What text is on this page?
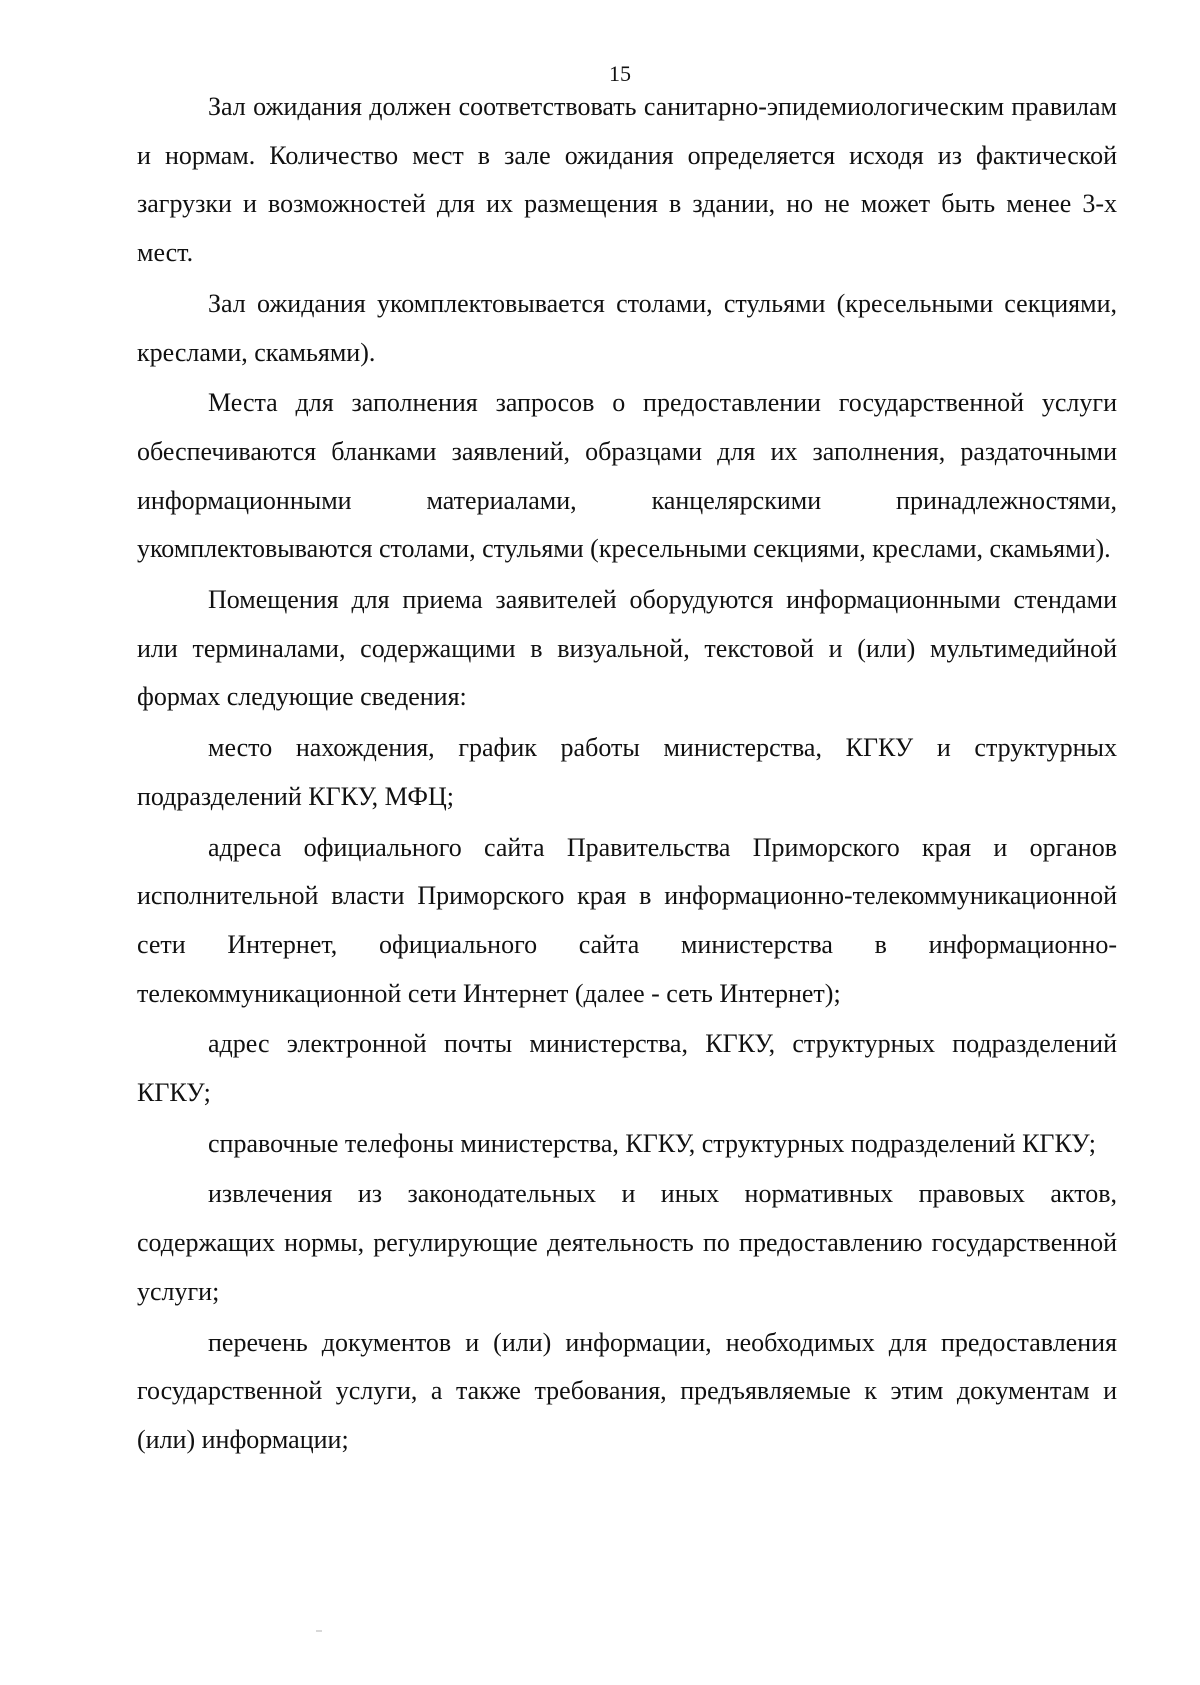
15

Зал ожидания должен соответствовать санитарно-эпидемиологическим правилам и нормам. Количество мест в зале ожидания определяется исходя из фактической загрузки и возможностей для их размещения в здании, но не может быть менее 3-х мест.

Зал ожидания укомплектовывается столами, стульями (кресельными секциями, креслами, скамьями).

Места для заполнения запросов о предоставлении государственной услуги обеспечиваются бланками заявлений, образцами для их заполнения, раздаточными информационными материалами, канцелярскими принадлежностями, укомплектовываются столами, стульями (кресельными секциями, креслами, скамьями).

Помещения для приема заявителей оборудуются информационными стендами или терминалами, содержащими в визуальной, текстовой и (или) мультимедийной формах следующие сведения:

место нахождения, график работы министерства, КГКУ и структурных подразделений КГКУ, МФЦ;

адреса официального сайта Правительства Приморского края и органов исполнительной власти Приморского края в информационно-телекоммуникационной сети Интернет, официального сайта министерства в информационно-телекоммуникационной сети Интернет (далее - сеть Интернет);

адрес электронной почты министерства, КГКУ, структурных подразделений КГКУ;

справочные телефоны министерства, КГКУ, структурных подразделений КГКУ;

извлечения из законодательных и иных нормативных правовых актов, содержащих нормы, регулирующие деятельность по предоставлению государственной услуги;

перечень документов и (или) информации, необходимых для предоставления государственной услуги, а также требования, предъявляемые к этим документам и (или) информации;
